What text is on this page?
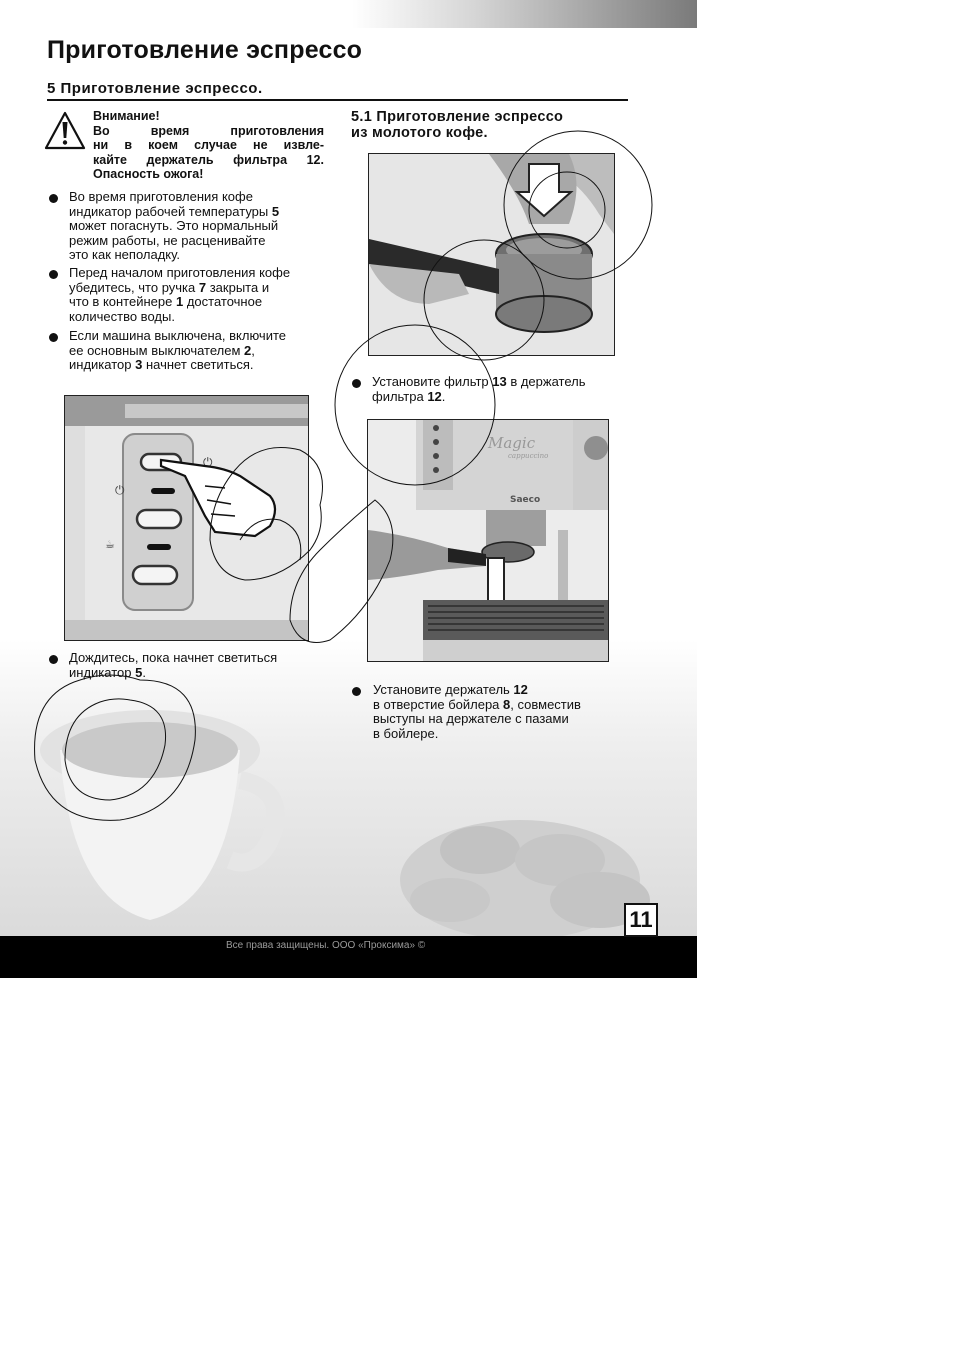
Приготовление эспрессо
5 Приготовление эспрессо.
Внимание!
Во время приготовления
ни в коем случае не извле-
кайте держатель фильтра 12.
Опасность ожога!
Во время приготовления кофе
индикатор рабочей температуры 5
может погаснуть. Это нормальный
режим работы, не расценивайте
это как неполадку.
Перед началом приготовления кофе
убедитесь, что ручка 7 закрыта и
что в контейнере 1 достаточное
количество воды.
Если машина выключена, включите
ее основным выключателем 2,
индикатор 3 начнет светиться.
⏻
☕
⏻
Дождитесь, пока начнет светиться
индикатор 5.
5.1 Приготовление эспрессо
из молотого кофе.
Установите фильтр 13 в держатель
фильтра 12.
Magic
cappuccino
Saeco
Установите держатель 12
в отверстие бойлера 8, совместив
выступы на держателе с пазами
в бойлере.
Все права защищены. ООО «Проксима» ©
11
